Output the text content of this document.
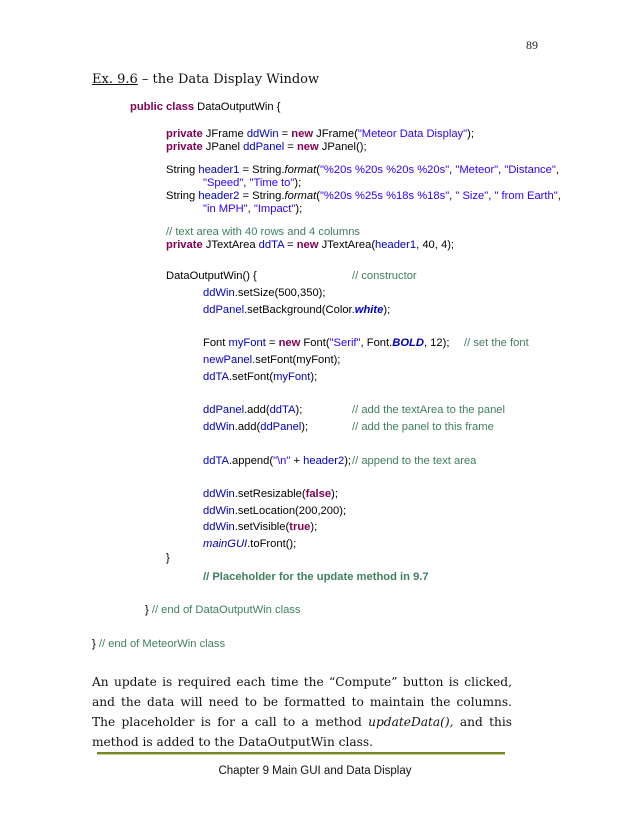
89
Ex. 9.6 – the Data Display Window

public class DataOutputWin {

private JFrame ddWin = new JFrame("Meteor Data Display");

private JPanel ddPanel = new JPanel();

String header1 = String.format("%20s %20s %20s %20s", "Meteor", "Distance",

"Speed", "Time to");

String header2 = String.format("%20s %25s %18s %18s", " Size", " from Earth",

"in MPH", "Impact");

// text area with 40 rows and 4 columns

private JTextArea ddTA = new JTextArea(header1, 40, 4);

DataOutputWin() {

	// constructor

ddWin.setSize(500,350);

ddPanel.setBackground(Color.white);

Font myFont = new Font("Serif", Font.BOLD, 12);

// set the font

newPanel.setFont(myFont);

ddTA.setFont(myFont);

ddPanel.add(ddTA);

	// add the textArea to the panel

ddWin.add(ddPanel);

	// add the panel to this frame

ddTA.append("\n" + header2);

// append to the text area

ddWin.setResizable(false);

ddWin.setLocation(200,200);

ddWin.setVisible(true);

mainGUI.toFront();

}

// Placeholder for the update method in 9.7

} // end of DataOutputWin class

} // end of MeteorWin class

An update is required each time the “Compute” button is clicked, and the data will need to be formatted to maintain the columns. The placeholder is for a call to a method updateData(), and this method is added to the DataOutputWin class.
Chapter 9 Main GUI and Data Display
